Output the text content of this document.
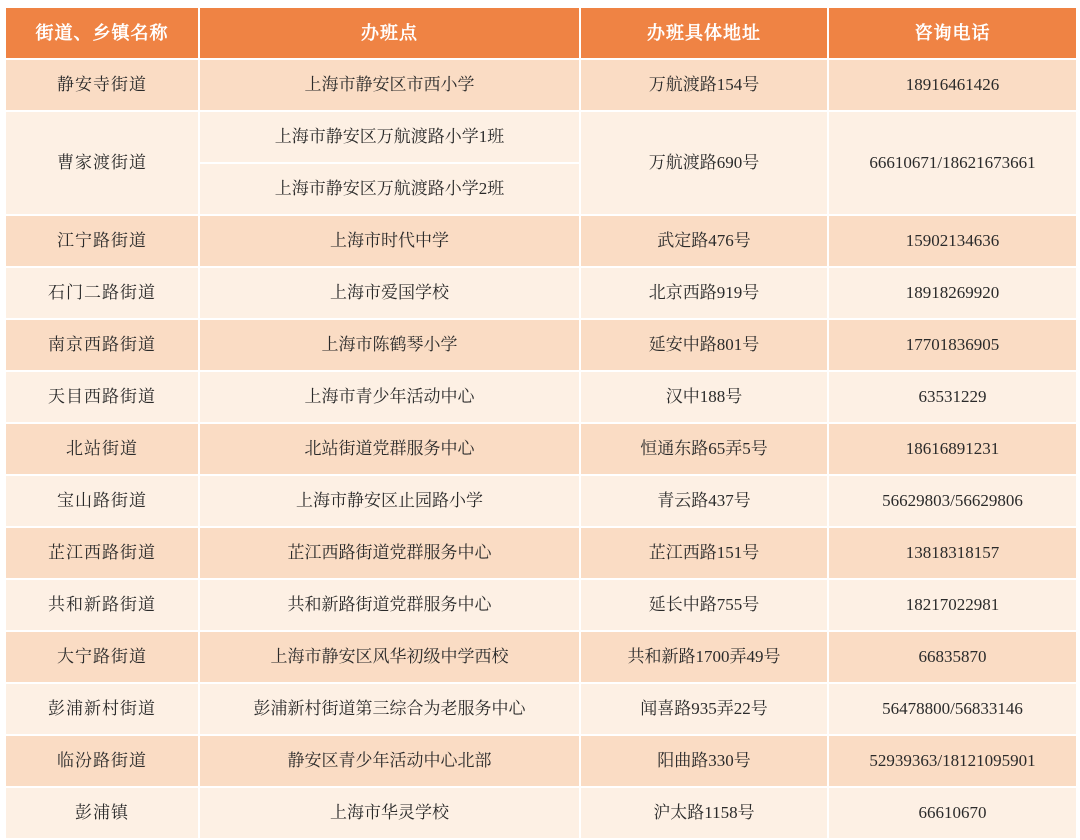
街道、乡镇名称	办班点	办班具体地址	咨询电话
静安寺街道	上海市静安区市西小学	万航渡路154号	18916461426
曹家渡街道	上海市静安区万航渡路小学1班	万航渡路690号	66610671/18621673661
	上海市静安区万航渡路小学2班		
江宁路街道	上海市时代中学	武定路476号	15902134636
石门二路街道	上海市爱国学校	北京西路919号	18918269920
南京西路街道	上海市陈鹤琴小学	延安中路801号	17701836905
天目西路街道	上海市青少年活动中心	汉中188号	63531229
北站街道	北站街道党群服务中心	恒通东路65弄5号	18616891231
宝山路街道	上海市静安区止园路小学	青云路437号	56629803/56629806
芷江西路街道	芷江西路街道党群服务中心	芷江西路151号	13818318157
共和新路街道	共和新路街道党群服务中心	延长中路755号	18217022981
大宁路街道	上海市静安区风华初级中学西校	共和新路1700弄49号	66835870
彭浦新村街道	彭浦新村街道第三综合为老服务中心	闻喜路935弄22号	56478800/56833146
临汾路街道	静安区青少年活动中心北部	阳曲路330号	52939363/18121095901
彭浦镇	上海市华灵学校	沪太路1158号	66610670
